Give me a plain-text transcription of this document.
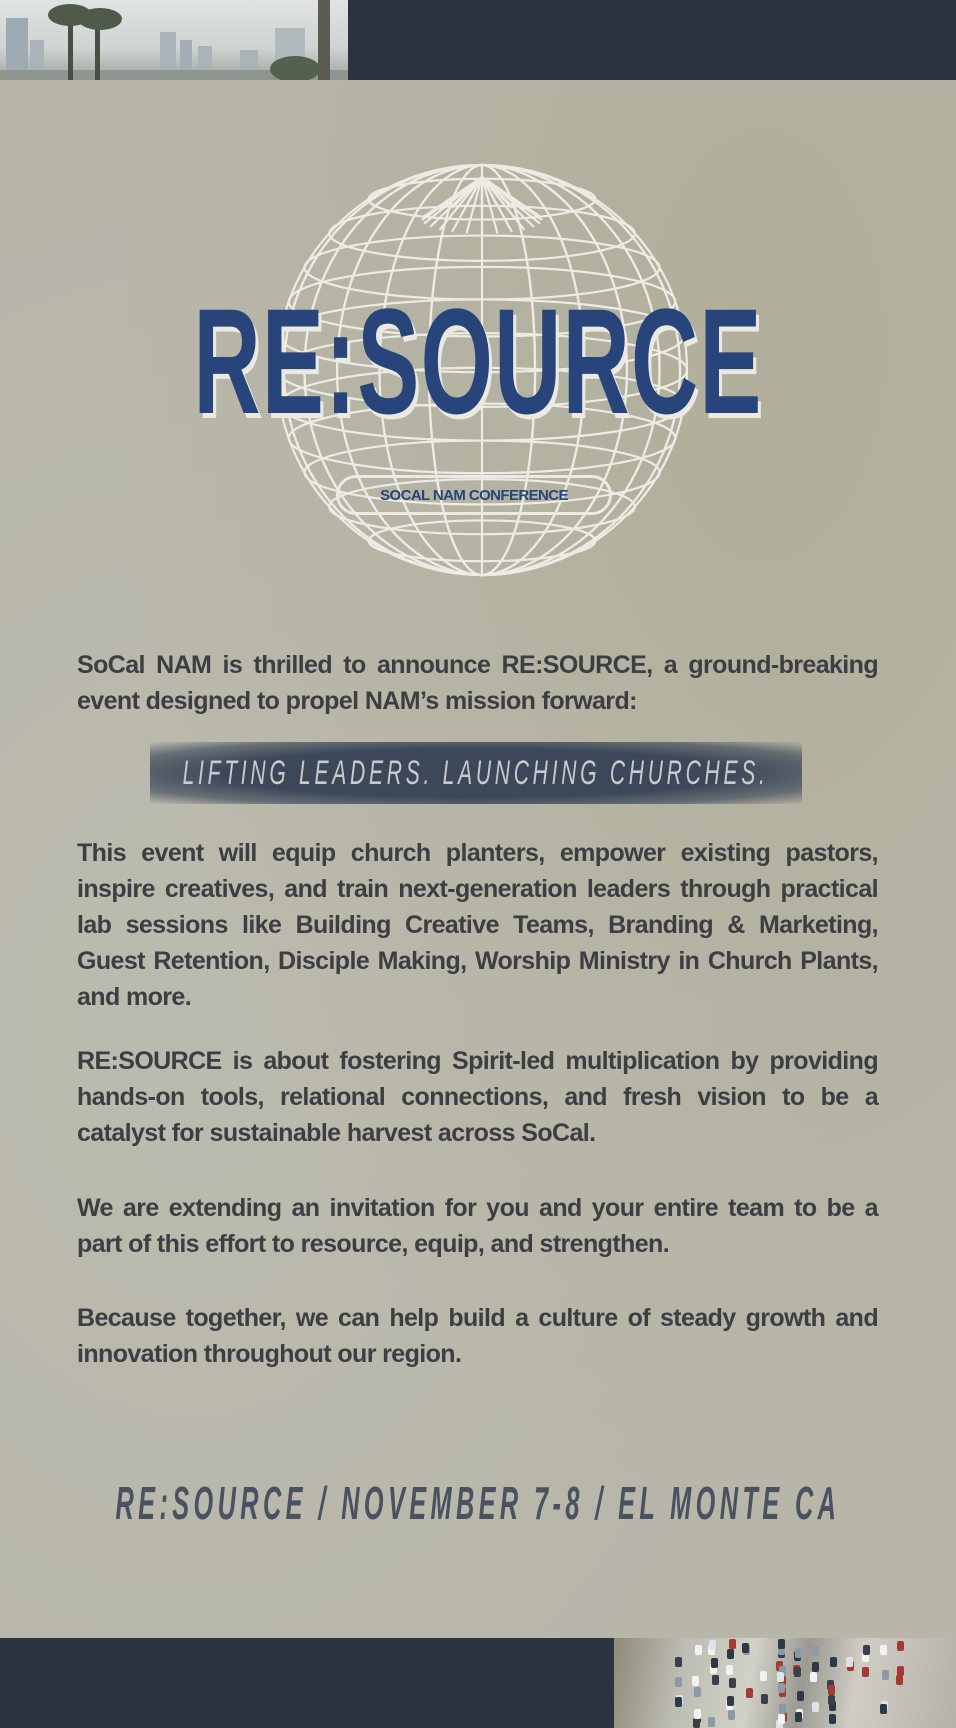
RE:SOURCE
SOCAL NAM CONFERENCE
SoCal NAM is thrilled to announce RE:SOURCE, a ground-breaking event designed to propel NAM’s mission forward:
LIFTING LEADERS. LAUNCHING CHURCHES.
This event will equip church planters, empower existing pastors, inspire creatives, and train next-generation leaders through practical lab sessions like Building Creative Teams, Branding & Marketing, Guest Retention, Disciple Making, Worship Ministry in Church Plants, and more.
RE:SOURCE is about fostering Spirit-led multiplication by providing hands-on tools, relational connections, and fresh vision to be a catalyst for sustainable harvest across SoCal.
We are extending an invitation for you and your entire team to be a part of this effort to resource, equip, and strengthen.
Because together, we can help build a culture of steady growth and innovation throughout our region.
RE:SOURCE / NOVEMBER 7-8 / EL MONTE CA
